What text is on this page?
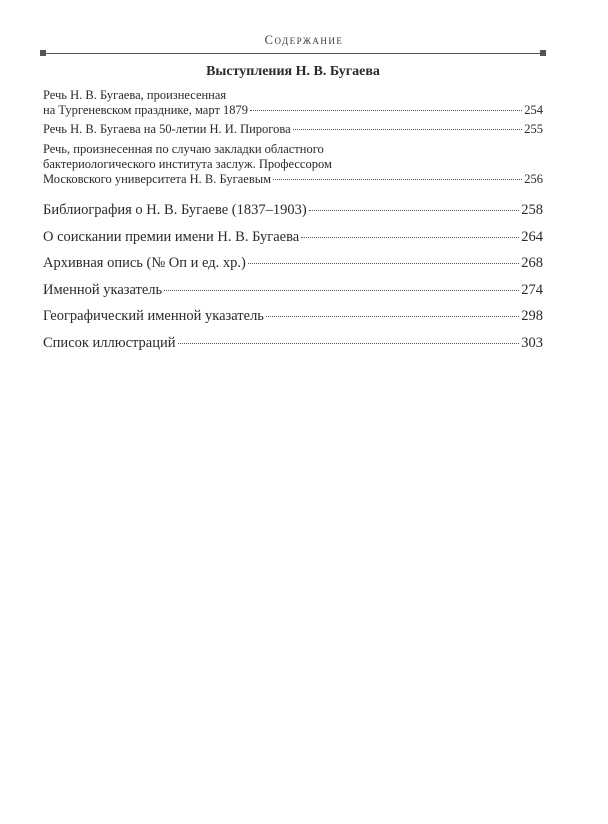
Содержание
Выступления Н. В. Бугаева
Речь Н. В. Бугаева, произнесенная
на Тургеневском празднике, март 1879	254
Речь Н. В. Бугаева на 50-летии Н. И. Пирогова	255
Речь, произнесенная по случаю закладки областного
бактериологического института заслуж. Профессором
Московского университета Н. В. Бугаевым	256
Библиография о Н. В. Бугаеве (1837–1903)	258
О соискании премии имени Н. В. Бугаева	264
Архивная опись (№ Оп и ед. хр.)	268
Именной указатель	274
Географический именной указатель	298
Список иллюстраций	303
